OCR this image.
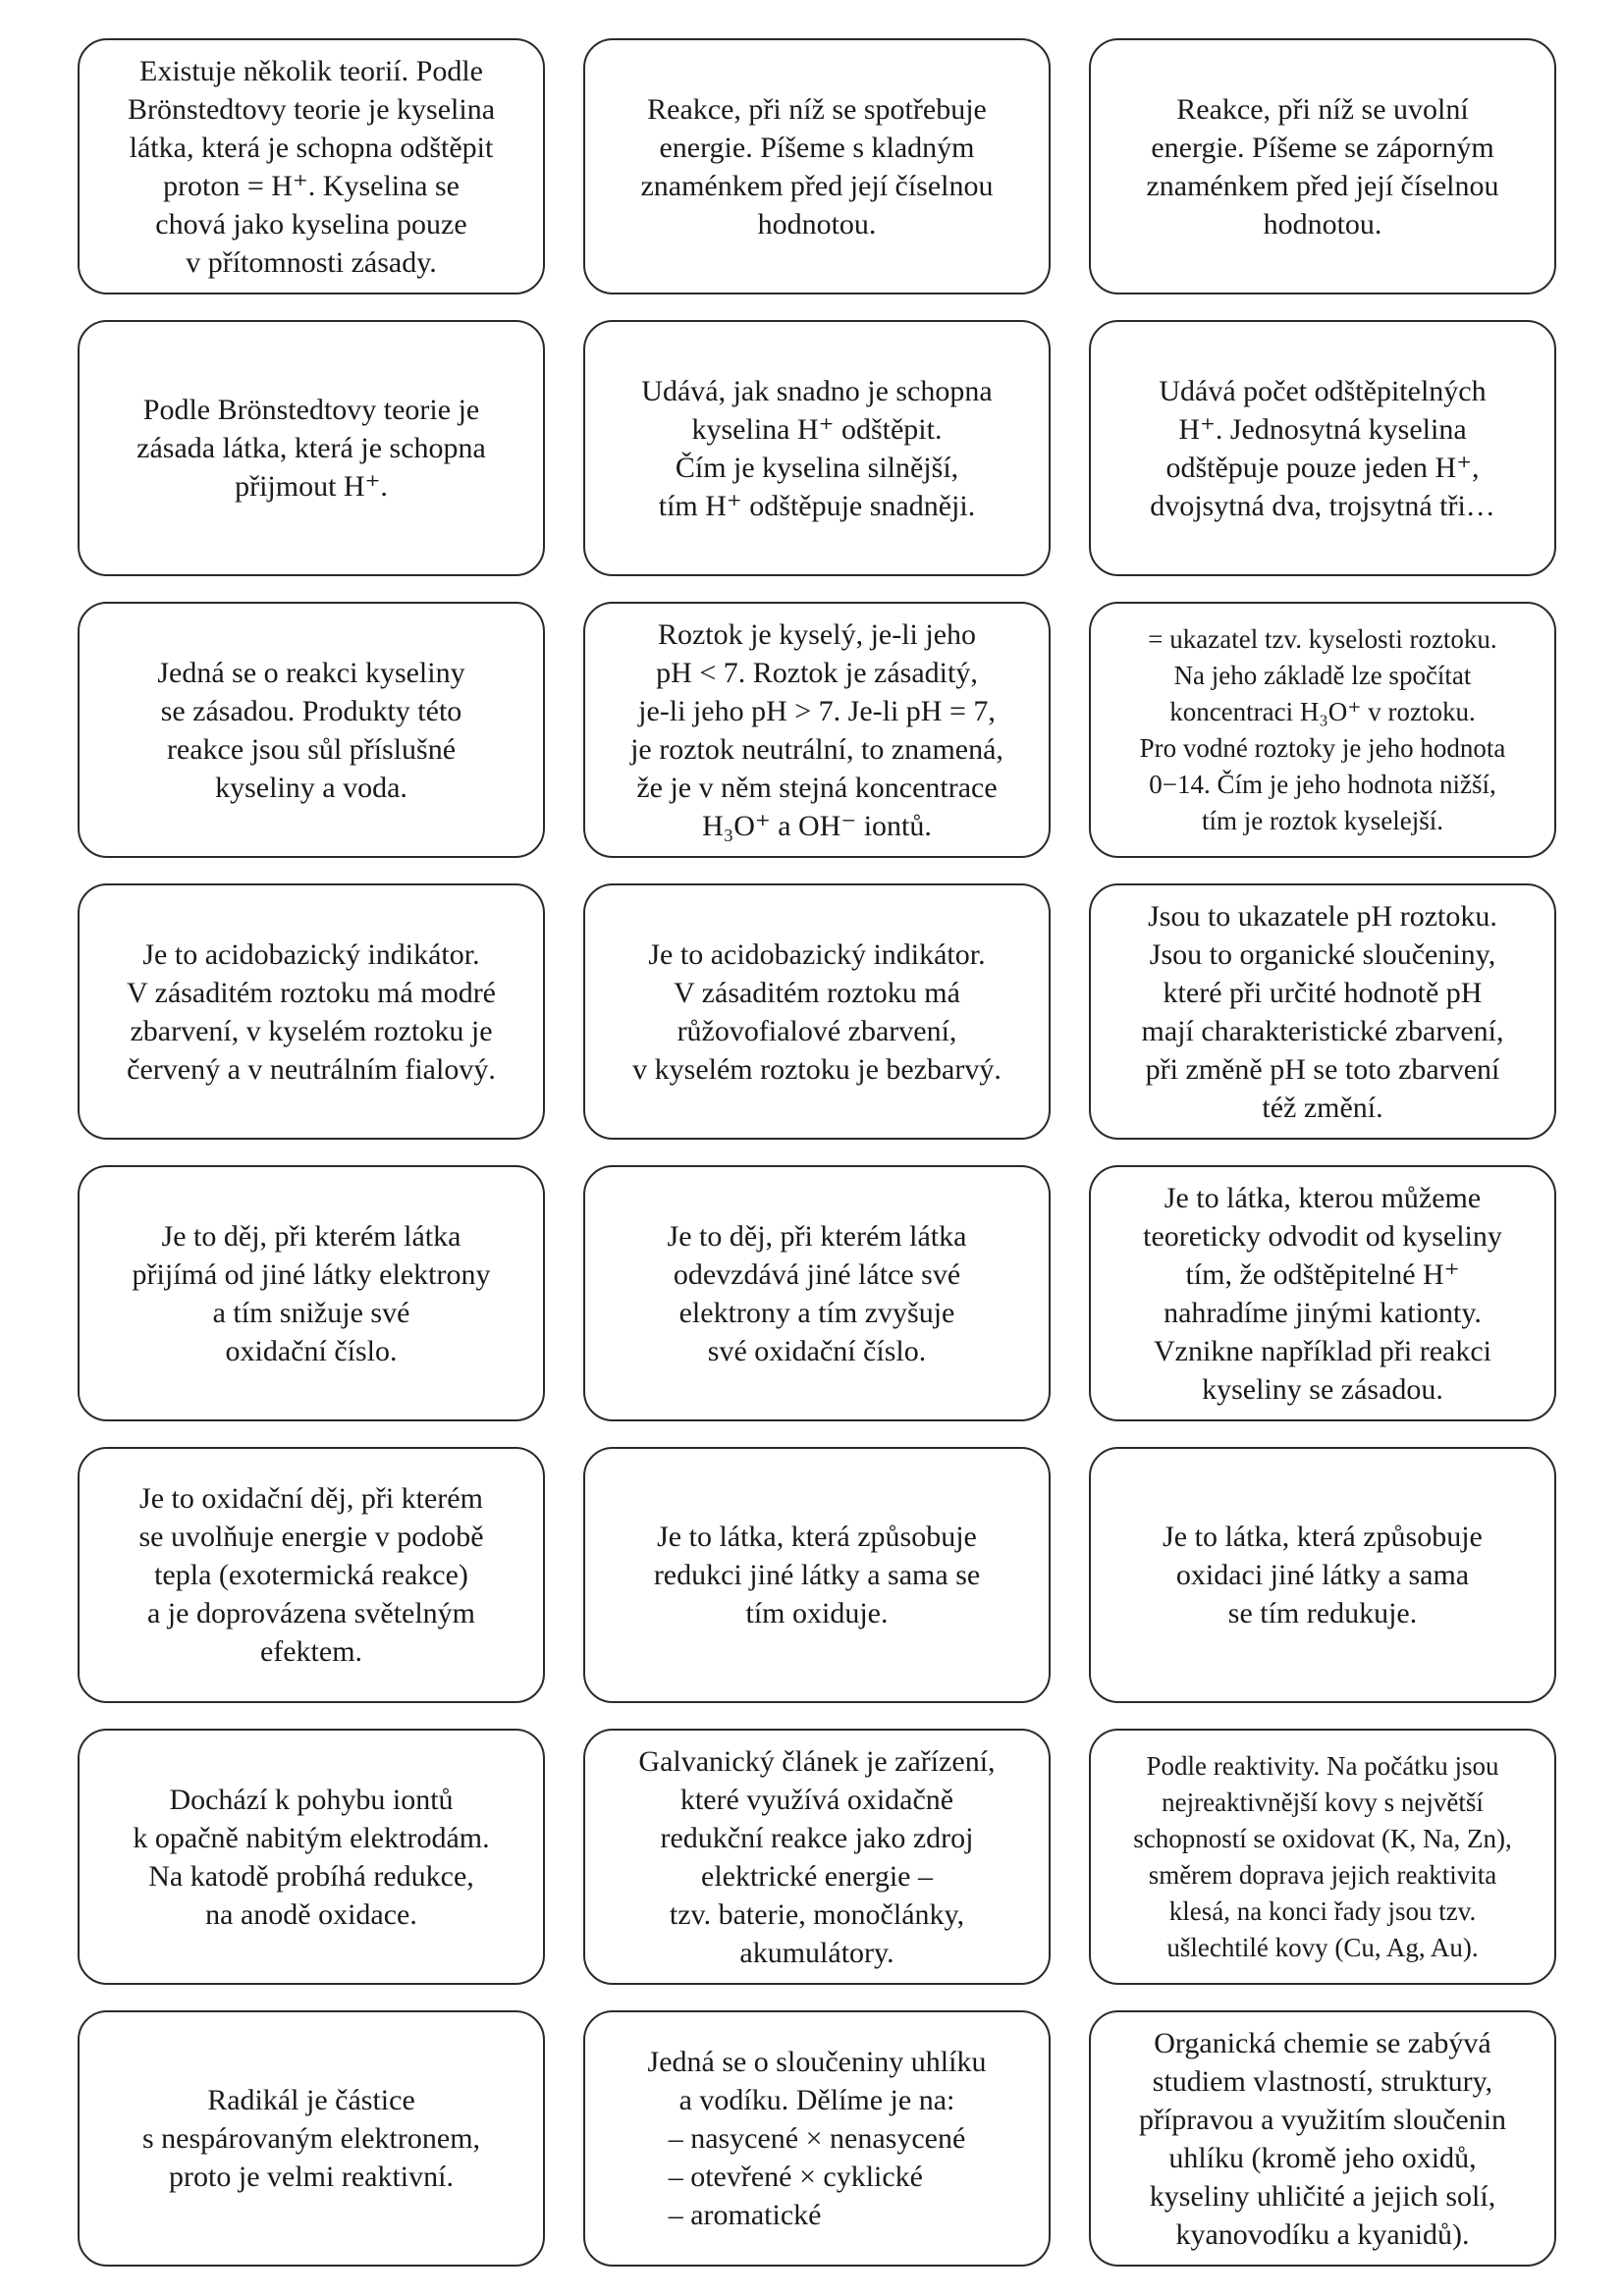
Existuje několik teorií. Podle
Brönstedtovy teorie je kyselina
látka, která je schopna odštěpit
proton = H⁺. Kyselina se
chová jako kyselina pouze
v přítomnosti zásady.
Reakce, při níž se spotřebuje
energie. Píšeme s kladným
znaménkem před její číselnou
hodnotou.
Reakce, při níž se uvolní
energie. Píšeme se záporným
znaménkem před její číselnou
hodnotou.
Podle Brönstedtovy teorie je
zásada látka, která je schopna
přijmout H⁺.
Udává, jak snadno je schopna
kyselina H⁺ odštěpit.
Čím je kyselina silnější,
tím H⁺ odštěpuje snadněji.
Udává počet odštěpitelných
H⁺. Jednosytná kyselina
odštěpuje pouze jeden H⁺,
dvojsytná dva, trojsytná tři…
Jedná se o reakci kyseliny
se zásadou. Produkty této
reakce jsou sůl příslušné
kyseliny a voda.
Roztok je kyselý, je-li jeho
pH < 7. Roztok je zásaditý,
je-li jeho pH > 7. Je-li pH = 7,
je roztok neutrální, to znamená,
že je v něm stejná koncentrace
H₃O⁺ a OH⁻ iontů.
= ukazatel tzv. kyselosti roztoku.
Na jeho základě lze spočítat
koncentraci H₃O⁺ v roztoku.
Pro vodné roztoky je jeho hodnota
0−14. Čím je jeho hodnota nižší,
tím je roztok kyselejší.
Je to acidobazický indikátor.
V zásaditém roztoku má modré
zbarvení, v kyselém roztoku je
červený a v neutrálním fialový.
Je to acidobazický indikátor.
V zásaditém roztoku má
růžovofialové zbarvení,
v kyselém roztoku je bezbarvý.
Jsou to ukazatele pH roztoku.
Jsou to organické sloučeniny,
které při určité hodnotě pH
mají charakteristické zbarvení,
při změně pH se toto zbarvení
též změní.
Je to děj, při kterém látka
přijímá od jiné látky elektrony
a tím snižuje své
oxidační číslo.
Je to děj, při kterém látka
odevzdává jiné látce své
elektrony a tím zvyšuje
své oxidační číslo.
Je to látka, kterou můžeme
teoreticky odvodit od kyseliny
tím, že odštěpitelné H⁺
nahradíme jinými kationty.
Vznikne například při reakci
kyseliny se zásadou.
Je to oxidační děj, při kterém
se uvolňuje energie v podobě
tepla (exotermická reakce)
a je doprovázena světelným
efektem.
Je to látka, která způsobuje
redukci jiné látky a sama se
tím oxiduje.
Je to látka, která způsobuje
oxidaci jiné látky a sama
se tím redukuje.
Dochází k pohybu iontů
k opačně nabitým elektrodám.
Na katodě probíhá redukce,
na anodě oxidace.
Galvanický článek je zařízení,
které využívá oxidačně
redukční reakce jako zdroj
elektrické energie –
tzv. baterie, monočlánky,
akumulátory.
Podle reaktivity. Na počátku jsou
nejreaktivnější kovy s největší
schopností se oxidovat (K, Na, Zn),
směrem doprava jejich reaktivita
klesá, na konci řady jsou tzv.
ušlechtilé kovy (Cu, Ag, Au).
Radikál je částice
s nespárovaným elektronem,
proto je velmi reaktivní.
Jedná se o sloučeniny uhlíku
a vodíku. Dělíme je na:
– nasycené × nenasycené
– otevřené × cyklické
– aromatické
Organická chemie se zabývá
studiem vlastností, struktury,
přípravou a využitím sloučenin
uhlíku (kromě jeho oxidů,
kyseliny uhličité a jejich solí,
kyanovodíku a kyanidů).
